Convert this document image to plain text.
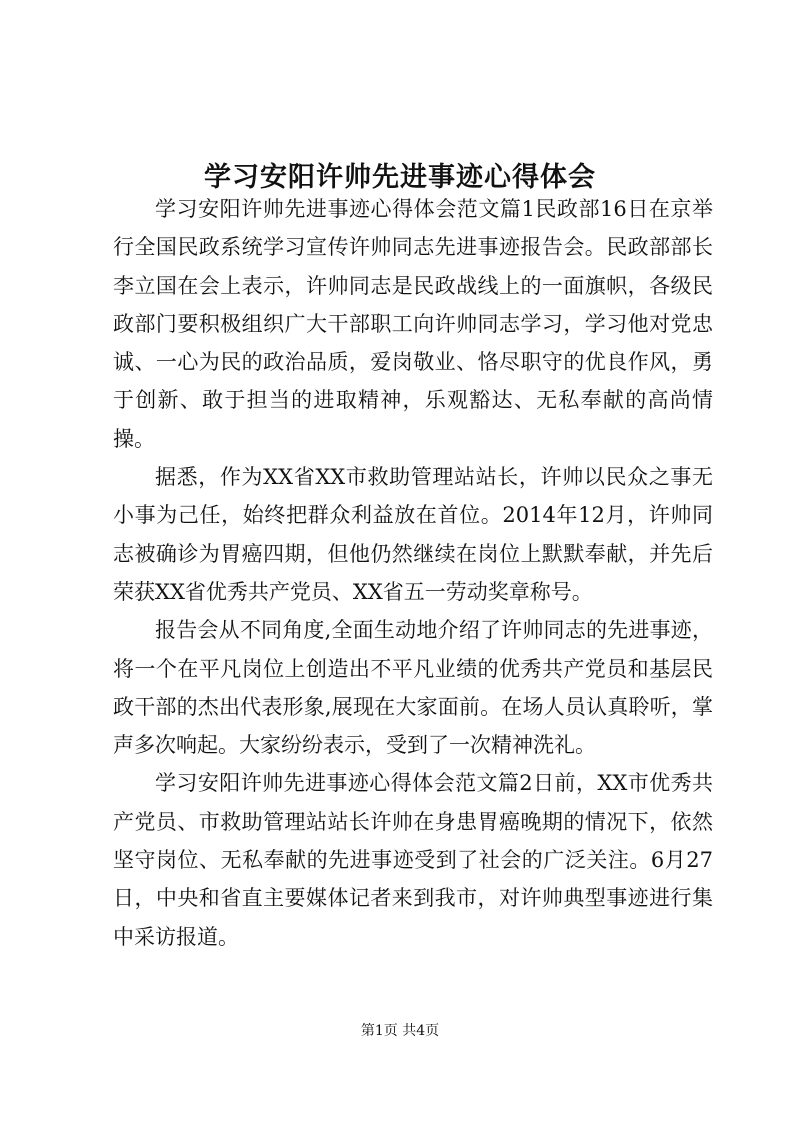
学习安阳许帅先进事迹心得体会

学习安阳许帅先进事迹心得体会范文篇1民政部16日在京举行全国民政系统学习宣传许帅同志先进事迹报告会。民政部部长李立国在会上表示，许帅同志是民政战线上的一面旗帜，各级民政部门要积极组织广大干部职工向许帅同志学习，学习他对党忠诚、一心为民的政治品质，爱岗敬业、恪尽职守的优良作风，勇于创新、敢于担当的进取精神，乐观豁达、无私奉献的高尚情操。

据悉，作为XX省XX市救助管理站站长，许帅以民众之事无小事为己任，始终把群众利益放在首位。2014年12月，许帅同志被确诊为胃癌四期，但他仍然继续在岗位上默默奉献，并先后荣获XX省优秀共产党员、XX省五一劳动奖章称号。

报告会从不同角度,全面生动地介绍了许帅同志的先进事迹，将一个在平凡岗位上创造出不平凡业绩的优秀共产党员和基层民政干部的杰出代表形象,展现在大家面前。在场人员认真聆听，掌声多次响起。大家纷纷表示，受到了一次精神洗礼。

学习安阳许帅先进事迹心得体会范文篇2日前，XX市优秀共产党员、市救助管理站站长许帅在身患胃癌晚期的情况下，依然坚守岗位、无私奉献的先进事迹受到了社会的广泛关注。6月27日，中央和省直主要媒体记者来到我市，对许帅典型事迹进行集中采访报道。

第1页 共4页
